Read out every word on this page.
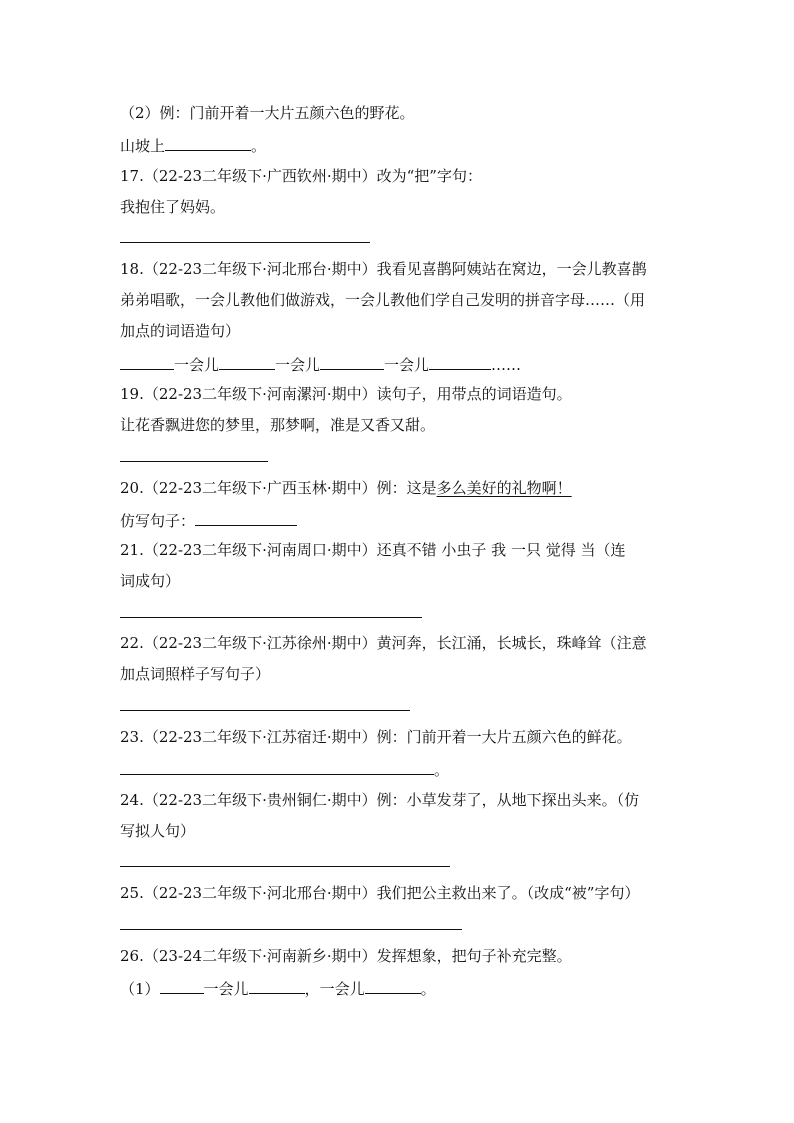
（2）例：门前开着一大片五颜六色的野花。
山坡上	。
17.（22-23二年级下·广西钦州·期中）改为“把”字句：
我抱住了妈妈。
18.（22-23二年级下·河北邢台·期中）我看见喜鹊阿姨站在窝边，一会儿教喜鹊
弟弟唱歌，一会儿教他们做游戏，一会儿教他们学自己发明的拼音字母……（用
加点的词语造句）
一会儿	一会儿	一会儿	……
19.（22-23二年级下·河南漯河·期中）读句子，用带点的词语造句。
让花香飘进您的梦里，那梦啊，准是又香又甜。
20.（22-23二年级下·广西玉林·期中）例：这是多么美好的礼物啊！
仿写句子：
21.（22-23二年级下·河南周口·期中）还真不错 小虫子 我 一只 觉得 当（连
词成句）
22.（22-23二年级下·江苏徐州·期中）黄河奔，长江涌，长城长，珠峰耸（注意
加点词照样子写句子）
23.（22-23二年级下·江苏宿迁·期中）例：门前开着一大片五颜六色的鲜花。
。
24.（22-23二年级下·贵州铜仁·期中）例：小草发芽了，从地下探出头来。（仿
写拟人句）
25.（22-23二年级下·河北邢台·期中）我们把公主救出来了。（改成“被”字句）
26.（23-24二年级下·河南新乡·期中）发挥想象，把句子补充完整。
（1）	一会儿	，一会儿	。
